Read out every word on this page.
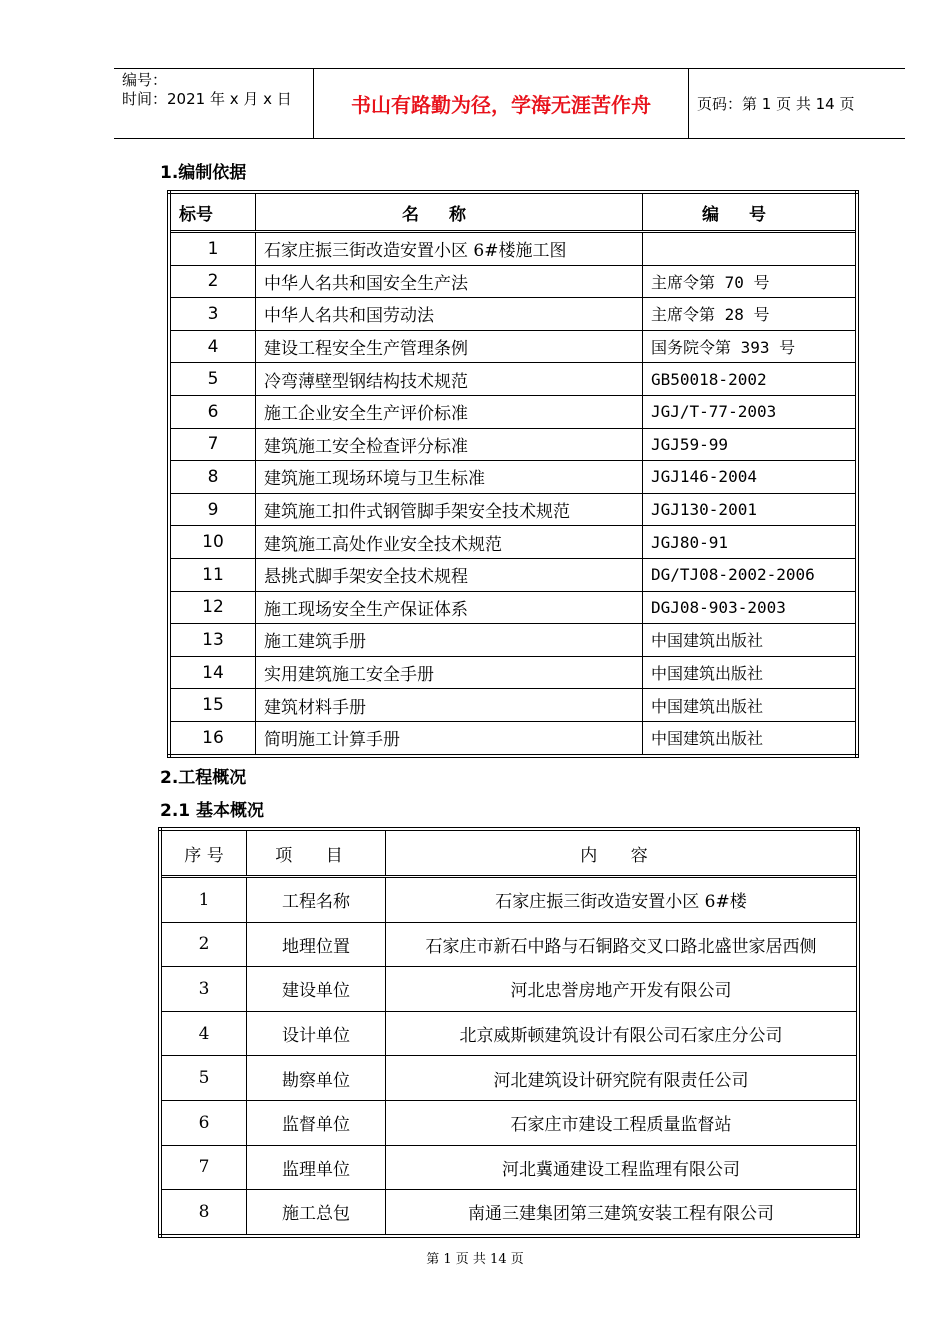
编号：
时间：2021 年 x 月 x 日	书山有路勤为径，学海无涯苦作舟	页码：第 1 页 共 14 页
1.编制依据
标号	名称	编号
1	石家庄振三街改造安置小区 6#楼施工图	
2	中华人名共和国安全生产法	主席令第 70 号
3	中华人名共和国劳动法	主席令第 28 号
4	建设工程安全生产管理条例	国务院令第 393 号
5	冷弯薄壁型钢结构技术规范	GB50018-2002
6	施工企业安全生产评价标准	JGJ/T-77-2003
7	建筑施工安全检查评分标准	JGJ59-99
8	建筑施工现场环境与卫生标准	JGJ146-2004
9	建筑施工扣件式钢管脚手架安全技术规范	JGJ130-2001
10	建筑施工高处作业安全技术规范	JGJ80-91
11	悬挑式脚手架安全技术规程	DG/TJ08-2002-2006
12	施工现场安全生产保证体系	DGJ08-903-2003
13	施工建筑手册	中国建筑出版社
14	实用建筑施工安全手册	中国建筑出版社
15	建筑材料手册	中国建筑出版社
16	简明施工计算手册	中国建筑出版社
2.工程概况
2.1 基本概况
序 号	项 目	内 容
1	工程名称	石家庄振三街改造安置小区 6#楼
2	地理位置	石家庄市新石中路与石铜路交叉口路北盛世家居西侧
3	建设单位	河北忠誉房地产开发有限公司
4	设计单位	北京威斯顿建筑设计有限公司石家庄分公司
5	勘察单位	河北建筑设计研究院有限责任公司
6	监督单位	石家庄市建设工程质量监督站
7	监理单位	河北冀通建设工程监理有限公司
8	施工总包	南通三建集团第三建筑安装工程有限公司
第 1 页 共 14 页
